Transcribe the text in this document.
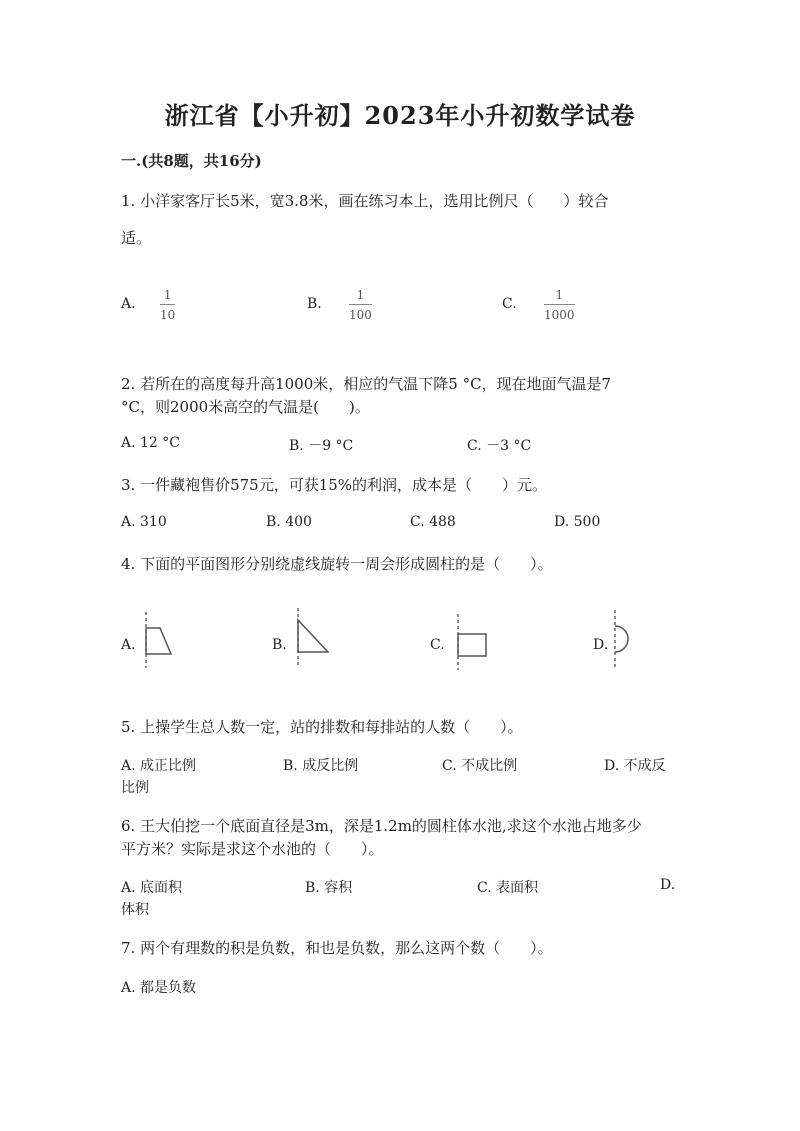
浙江省【小升初】2023年小升初数学试卷
一.(共8题，共16分)
1. 小洋家客厅长5米，宽3.8米，画在练习本上，选用比例尺（　　）较合
适。
A.
1
10
B.
1
100
C.
1
1000
2. 若所在的高度每升高1000米，相应的气温下降5 °C，现在地面气温是7
°C，则2000米高空的气温是(　　)。
A. 12 °C	B. －9 °C	C. －3 °C
3. 一件藏袍售价575元，可获15%的利润，成本是（　　）元。
A. 310	B. 400	C. 488	D. 500
4. 下面的平面图形分别绕虚线旋转一周会形成圆柱的是（　　）。
A.	B.	C.	D.
5. 上操学生总人数一定，站的排数和每排站的人数（　　）。
A. 成正比例	B. 成反比例	C. 不成比例	D. 不成反
比例
6. 王大伯挖一个底面直径是3m，深是1.2m的圆柱体水池,求这个水池占地多少
平方米？实际是求这个水池的（　　）。
A. 底面积	B. 容积	C. 表面积	D.
体积
7. 两个有理数的积是负数，和也是负数，那么这两个数（　　）。
A. 都是负数
